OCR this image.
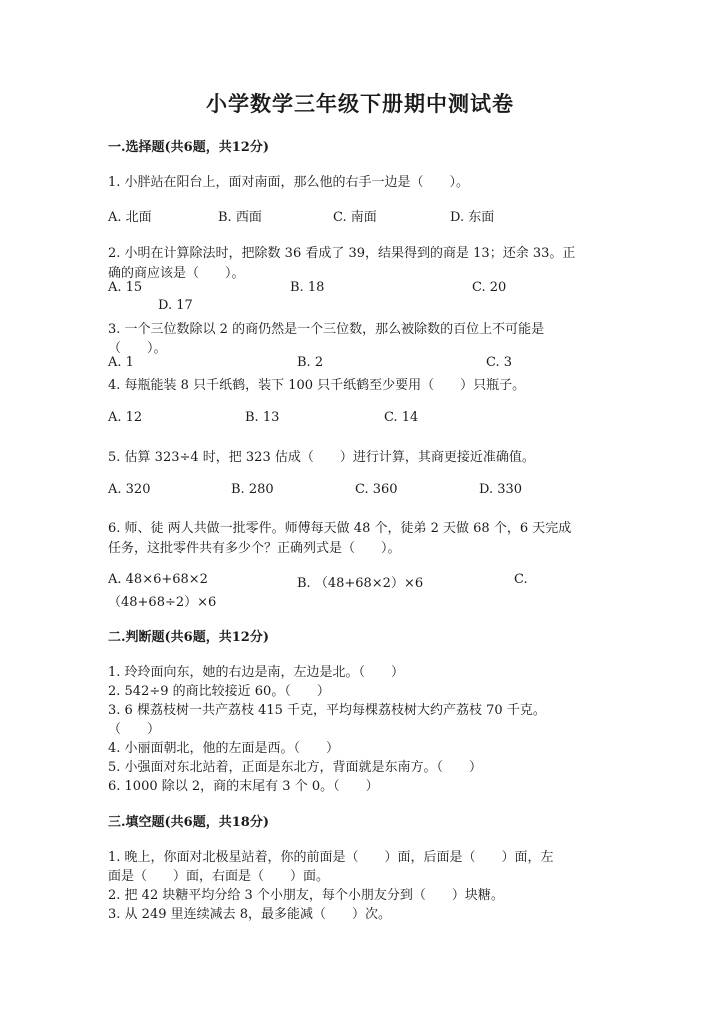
小学数学三年级下册期中测试卷
一.选择题(共6题，共12分)
1. 小胖站在阳台上，面对南面，那么他的右手一边是（　　）。
A. 北面	B. 西面	C. 南面	D. 东面
2. 小明在计算除法时，把除数 36 看成了 39，结果得到的商是 13；还余 33。正
确的商应该是（　　）。
A. 15	B. 18	C. 20
D. 17
3. 一个三位数除以 2 的商仍然是一个三位数，那么被除数的百位上不可能是
（　　）。
A. 1	B. 2	C. 3
4. 每瓶能装 8 只千纸鹤，装下 100 只千纸鹤至少要用（　　）只瓶子。
A. 12	B. 13	C. 14
5. 估算 323÷4 时，把 323 估成（　　）进行计算，其商更接近准确值。
A. 320	B. 280	C. 360	D. 330
6. 师、徒 两人共做一批零件。师傅每天做 48 个，徒弟 2 天做 68 个，6 天完成
任务，这批零件共有多少个？正确列式是（　　）。
A. 48×6+68×2	B. （48+68×2）×6	C.
（48+68÷2）×6
二.判断题(共6题，共12分)
1. 玲玲面向东，她的右边是南，左边是北。（　　）
2. 542÷9 的商比较接近 60。（　　）
3. 6 棵荔枝树一共产荔枝 415 千克，平均每棵荔枝树大约产荔枝 70 千克。
（　　）
4. 小丽面朝北，他的左面是西。（　　）
5. 小强面对东北站着，正面是东北方，背面就是东南方。（　　）
6. 1000 除以 2，商的末尾有 3 个 0。（　　）
三.填空题(共6题，共18分)
1. 晚上，你面对北极星站着，你的前面是（　　）面，后面是（　　）面，左
面是（　　）面，右面是（　　）面。
2. 把 42 块糖平均分给 3 个小朋友，每个小朋友分到（　　）块糖。
3. 从 249 里连续减去 8，最多能减（　　）次。
